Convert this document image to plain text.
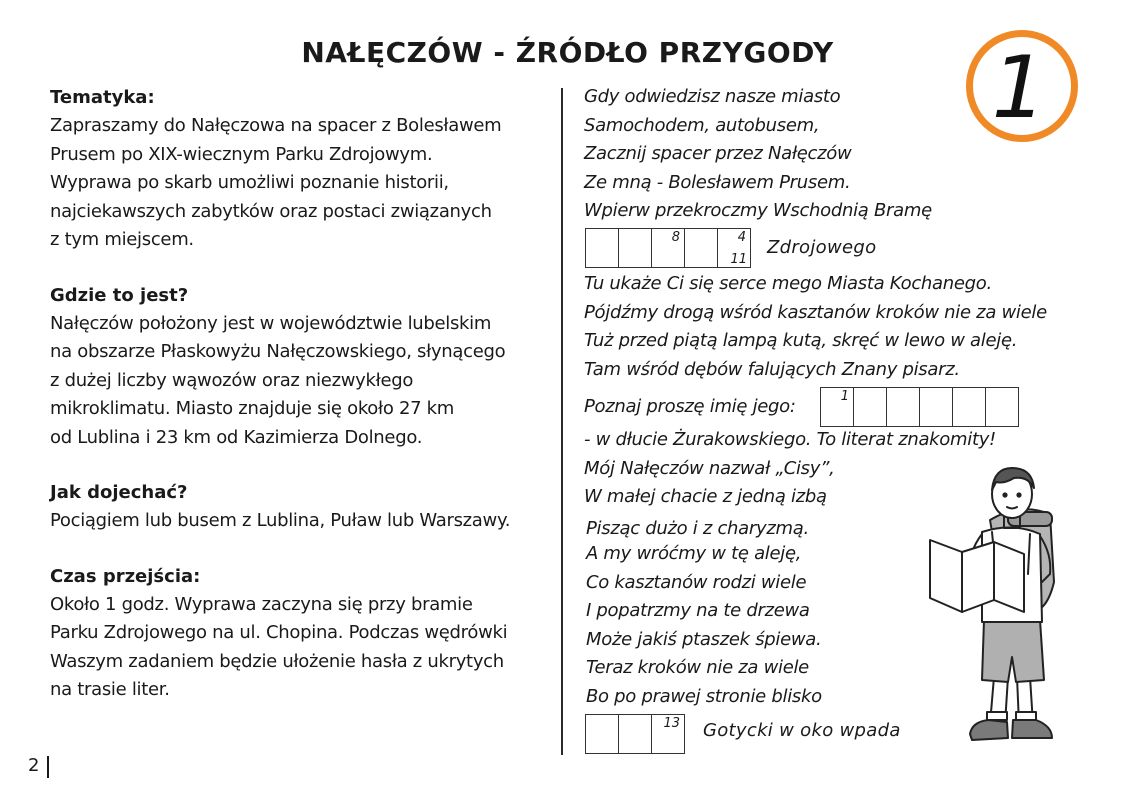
NAŁĘCZÓW - ŹRÓDŁO PRZYGODY	1

Tematyka:

Zapraszamy do Nałęczowa na spacer z Bolesławem
Prusem po XIX-wiecznym Parku Zdrojowym.
Wyprawa po skarb umożliwi poznanie historii,
najciekawszych zabytków oraz postaci związanych
z tym miejscem.

Gdzie to jest?

Nałęczów położony jest w województwie lubelskim
na obszarze Płaskowyżu Nałęczowskiego, słynącego
z dużej liczby wąwozów oraz niezwykłego
mikroklimatu. Miasto znajduje się około 27 km
od Lublina i 23 km od Kazimierza Dolnego.

Jak dojechać?

Pociągiem lub busem z Lublina, Puław lub Warszawy.

Czas przejścia:

Około 1 godz. Wyprawa zaczyna się przy bramie
Parku Zdrojowego na ul. Chopina. Podczas wędrówki
Waszym zadaniem będzie ułożenie hasła z ukrytych
na trasie liter.

Gdy odwiedzisz nasze miasto
Samochodem, autobusem,
Zacznij spacer przez Nałęczów
Ze mną - Bolesławem Prusem.
Wpierw przekroczmy Wschodnią Bramę
8	4
11
Zdrojowego
Tu ukaże Ci się serce mego Miasta Kochanego.
Pójdźmy drogą wśród kasztanów kroków nie za wiele
Tuż przed piątą lampą kutą, skręć w lewo w aleję.
Tam wśród dębów falujących Znany pisarz.
Poznaj proszę imię jego:	1
- w dłucie Żurakowskiego. To literat znakomity!
Mój Nałęczów nazwał „Cisy”,
W małej chacie z jedną izbą
Pisząc dużo i z charyzmą.
A my wróćmy w tę aleję,
Co kasztanów rodzi wiele
I popatrzmy na te drzewa
Może jakiś ptaszek śpiewa.
Teraz kroków nie za wiele
Bo po prawej stronie blisko
13 Gotycki w oko wpada
2
